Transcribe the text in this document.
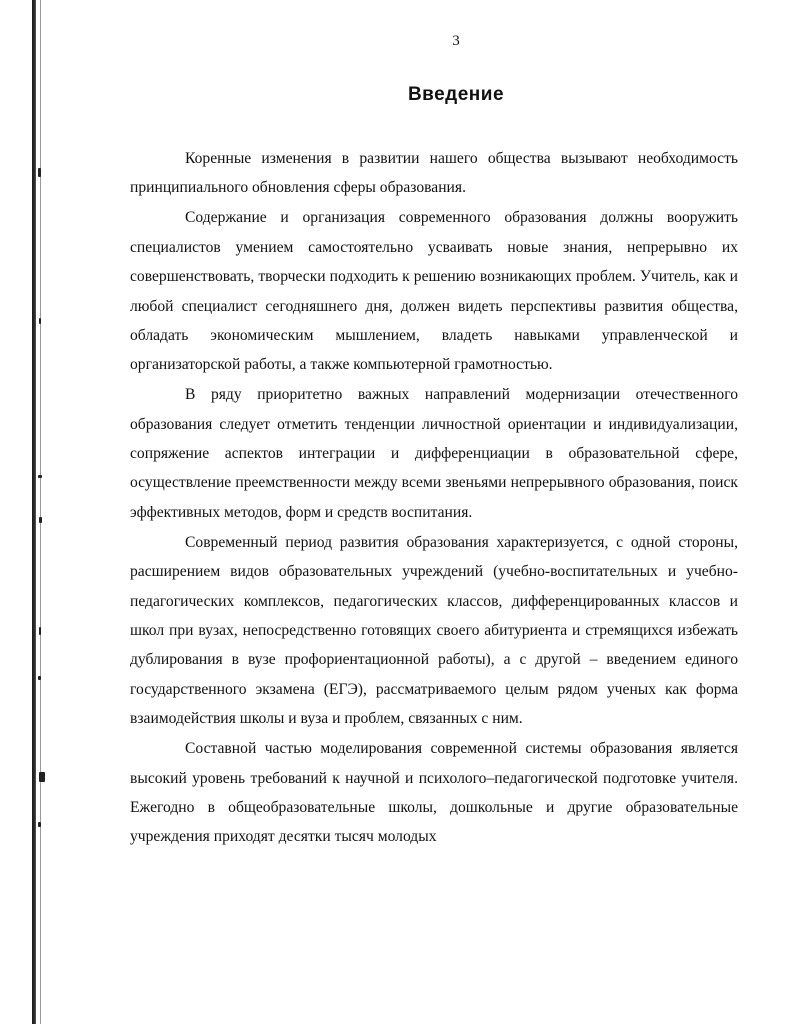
3
Введение

Коренные изменения в развитии нашего общества вызывают необходимость принципиального обновления сферы образования.

Содержание и организация современного образования должны вооружить специалистов умением самостоятельно усваивать новые знания, непрерывно их совершенствовать, творчески подходить к решению возникающих проблем. Учитель, как и любой специалист сегодняшнего дня, должен видеть перспективы развития общества, обладать экономическим мышлением, владеть навыками управленческой и организаторской работы, а также компьютерной грамотностью.

В ряду приоритетно важных направлений модернизации отечественного образования следует отметить тенденции личностной ориентации и индивидуализации, сопряжение аспектов интеграции и дифференциации в образовательной сфере, осуществление преемственности между всеми звеньями непрерывного образования, поиск эффективных методов, форм и средств воспитания.

Современный период развития образования характеризуется, с одной стороны, расширением видов образовательных учреждений (учебно-воспитательных и учебно-педагогических комплексов, педагогических классов, дифференцированных классов и школ при вузах, непосредственно готовящих своего абитуриента и стремящихся избежать дублирования в вузе профориентационной работы), а с другой – введением единого государственного экзамена (ЕГЭ), рассматриваемого целым рядом ученых как форма взаимодействия школы и вуза и проблем, связанных с ним.

Составной частью моделирования современной системы образования является высокий уровень требований к научной и психолого–педагогической подготовке учителя. Ежегодно в общеобразовательные школы, дошкольные и другие образовательные учреждения приходят десятки тысяч молодых
